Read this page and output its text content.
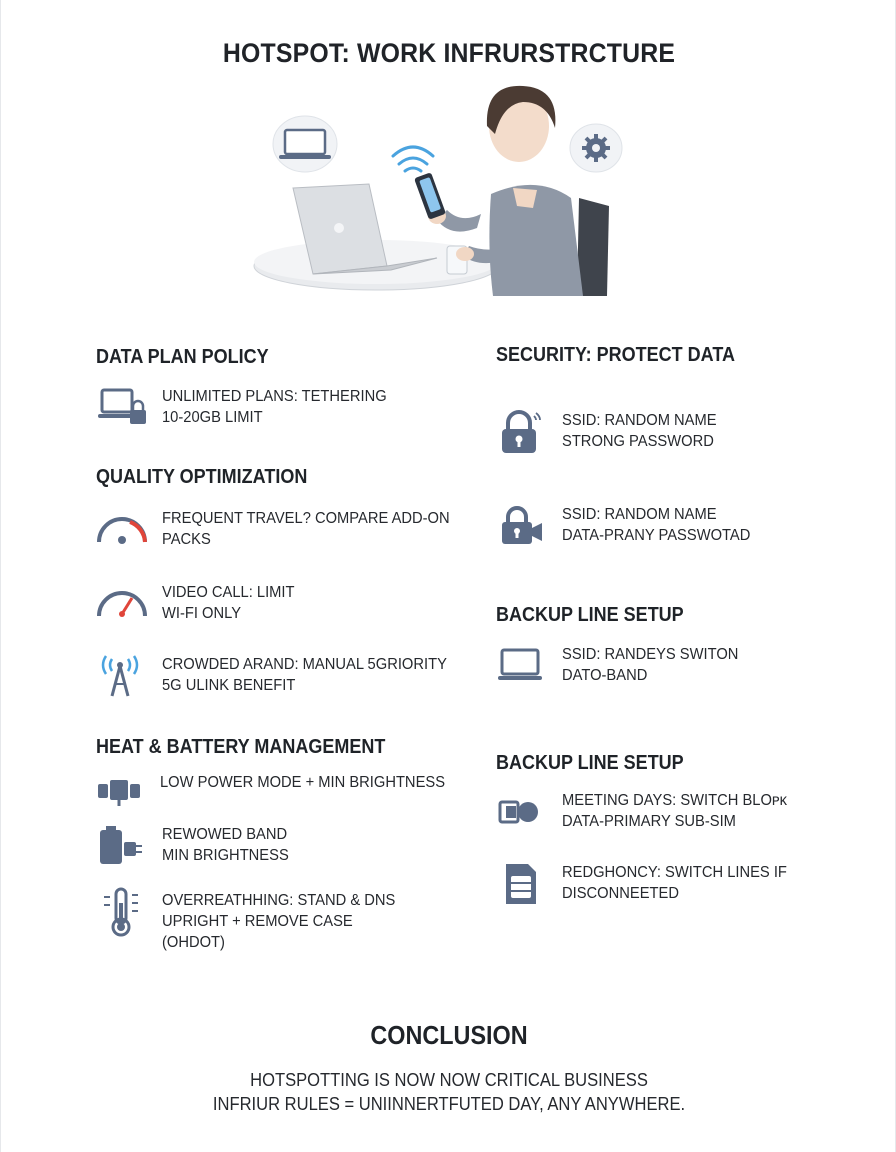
HOTSPOT: WORK INFRURSTRCTURE
DATA PLAN POLICY
UNLIMITED PLANS: TETHERING
10-20GB LIMIT
QUALITY OPTIMIZATION
FREQUENT TRAVEL? COMPARE ADD-ON
PACKS
VIDEO CALL: LIMIT
WI-FI ONLY
CROWDED ARAND: MANUAL 5GRIORITY
5G ULINK BENEFIT
HEAT & BATTERY MANAGEMENT
LOW POWER MODE + MIN BRIGHTNESS
REWOWED BAND
MIN BRIGHTNESS
OVERREATHHING: STAND & DNS
UPRIGHT + REMOVE CASE
(OHDOT)
SECURITY: PROTECT DATA
SSID: RANDOM NAME
STRONG PASSWORD
SSID: RANDOM NAME
DATA-PRANY PASSWOTAD
BACKUP LINE SETUP
SSID: RANDEYS SWITON
DATO-BAND
BACKUP LINE SETUP
MEETING DAYS: SWITCH BLOᴘᴋ
DATA-PRIMARY SUB-SIM
REDGHONCY: SWITCH LINES IF
DISCONNEETED
CONCLUSION
HOTSPOTTING IS NOW NOW CRITICAL BUSINESS
INFRIUR RULES = UNIINNERTFUTED DAY, ANY ANYWHERE.
